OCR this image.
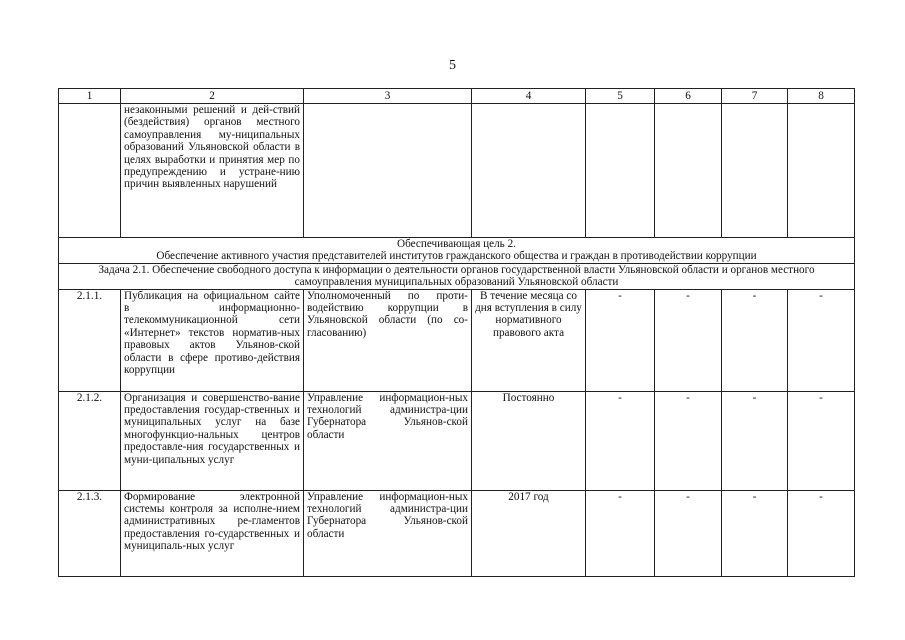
5
1	2	3	4	5	6	7	8
	незаконными решений и дей-ствий (бездействия) органов местного самоуправления му-ниципальных образований Ульяновской области в целях выработки и принятия мер по предупреждению и устране-нию причин выявленных нарушений						

Обеспечивающая цель 2.
Обеспечение активного участия представителей институтов гражданского общества и граждан в противодействии коррупции							

Задача 2.1. Обеспечение свободного доступа к информации о деятельности органов государственной власти Ульяновской области и органов местного самоуправления муниципальных образований Ульяновской области							
2.1.1.	Публикация на официальном сайте в информационно-телекоммуникационной сети «Интернет» текстов норматив-ных правовых актов Ульянов-ской области в сфере противо-действия коррупции	Уполномоченный по проти-водействию коррупции в Ульяновской области (по со-гласованию)	В течение месяца со дня вступления в силу нормативного правового акта	-	-	-	-
2.1.2.	Организация и совершенство-вание предоставления государ-ственных и муниципальных услуг на базе многофункцио-нальных центров предоставле-ния государственных и муни-ципальных услуг	Управление информацион-ных технологий администра-ции Губернатора Ульянов-ской области	Постоянно	-	-	-	-
2.1.3.	Формирование электронной системы контроля за исполне-нием административных ре-гламентов предоставления го-сударственных и муниципаль-ных услуг	Управление информацион-ных технологий администра-ции Губернатора Ульянов-ской области	2017 год	-	-	-	-
